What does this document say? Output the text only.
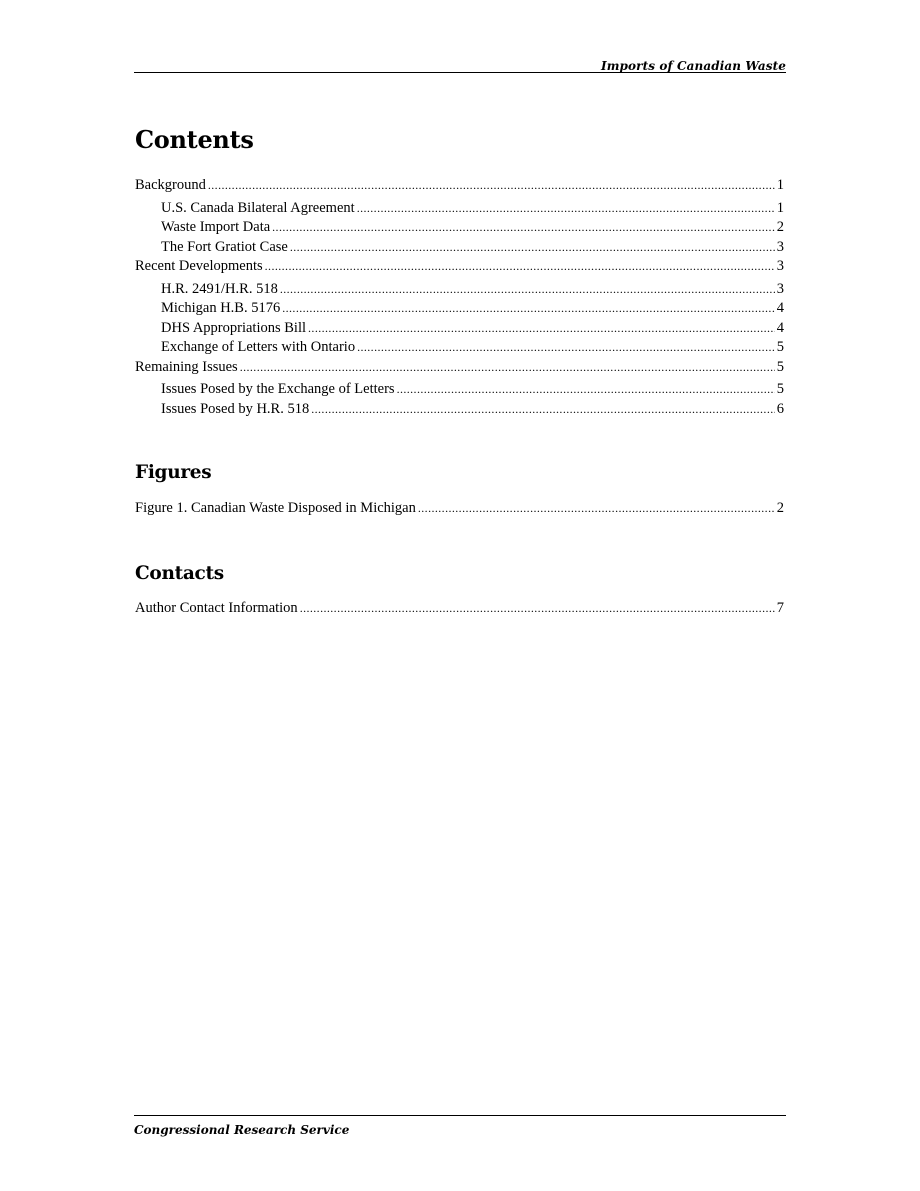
Imports of Canadian Waste
Contents
Background .....	1
U.S. Canada Bilateral Agreement .....	1
Waste Import Data .....	2
The Fort Gratiot Case .....	3
Recent Developments .....	3
H.R. 2491/H.R. 518 .....	3
Michigan H.B. 5176 .....	4
DHS Appropriations Bill .....	4
Exchange of Letters with Ontario .....	5
Remaining Issues .....	5
Issues Posed by the Exchange of Letters .....	5
Issues Posed by H.R. 518 .....	6
Figures
Figure 1. Canadian Waste Disposed in Michigan .....	2
Contacts
Author Contact Information .....	7
Congressional Research Service
